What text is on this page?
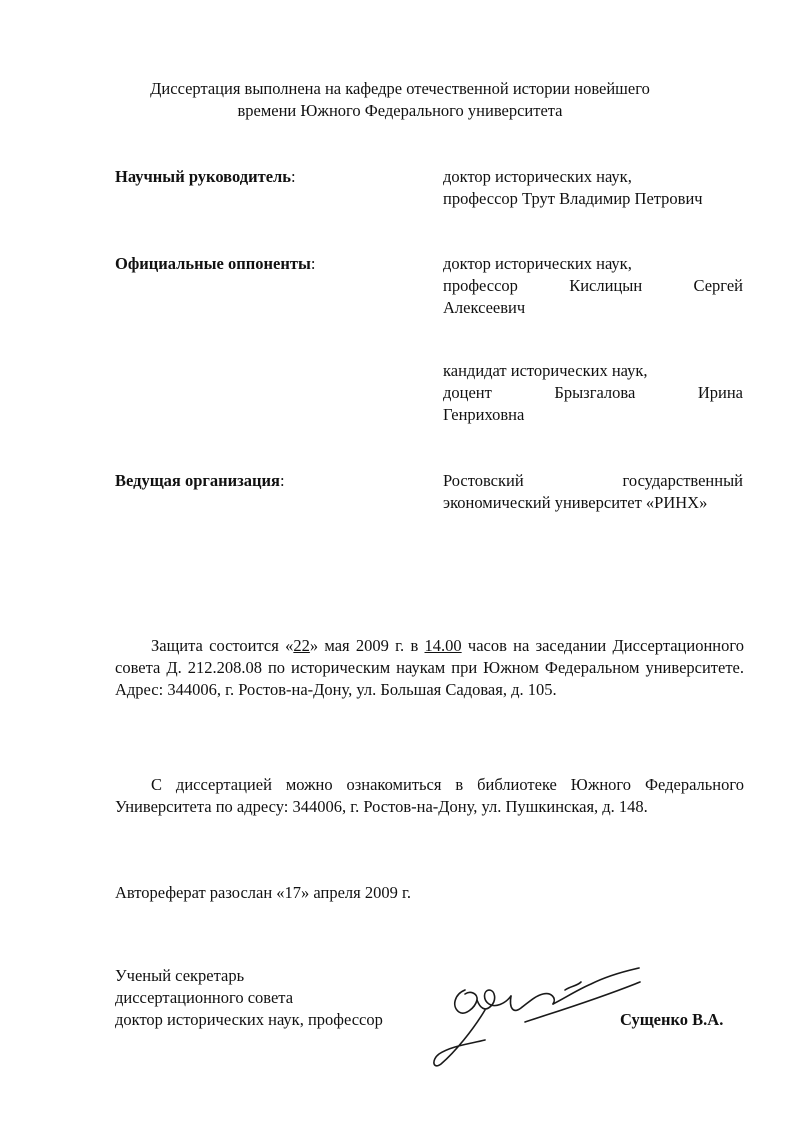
Диссертация выполнена на кафедре отечественной истории новейшего
времени Южного Федерального университета
Научный руководитель:	доктор исторических наук,
профессор Трут Владимир Петрович
Официальные оппоненты:	доктор исторических наук,
профессор Кислицын Сергей
Алексеевич
кандидат исторических наук,
доцент Брызгалова Ирина
Генриховна
Ведущая организация:	Ростовский государственный
экономический университет «РИНХ»
Защита состоится «22» мая 2009 г. в 14.00 часов на заседании Диссертационного совета Д. 212.208.08 по историческим наукам при Южном Федеральном университете. Адрес: 344006, г. Ростов-на-Дону, ул. Большая Садовая, д. 105.
С диссертацией можно ознакомиться в библиотеке Южного Федерального Университета по адресу: 344006, г. Ростов-на-Дону, ул. Пушкинская, д. 148.
Автореферат разослан «17» апреля 2009 г.
Ученый секретарь
диссертационного совета
доктор исторических наук, профессор	Сущенко В.А.
